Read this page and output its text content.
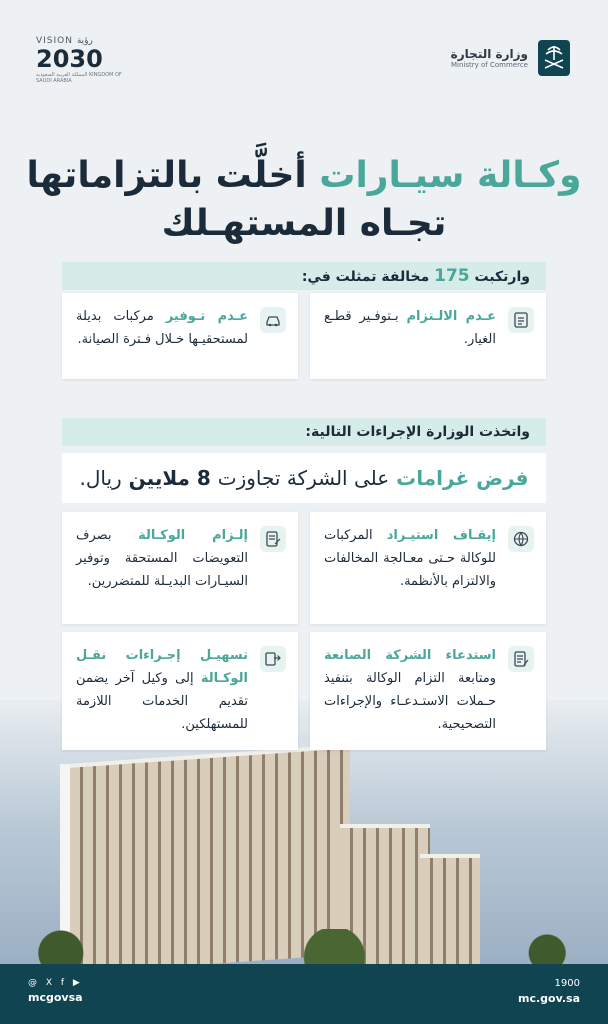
VISION رؤية
2030
المملكة العربية السعودية KINGDOM OF SAUDI ARABIA
وزارة التجارة
Ministry of Commerce
وكـالة سيـارات أخلَّت بالتزاماتها
تجـاه المستهـلك
وارتكبت 175 مخالفة تمثلت في:
عـدم الالـتزام بـتوفـير قطـع الغيار.
عـدم تـوفير مركبات بديلة لمستحقيـها خـلال فـترة الصيانة.
واتخذت الوزارة الإجراءات التالية:
فرض غرامات على الشركة تجاوزت 8 ملايين ريال.
إيقـاف استيـراد المركبات للوكالة حـتى معـالجة المخالفات والالتزام بالأنظمة.
إلـزام الوكـالة بصرف التعويضات المستحقة وتوفير السيـارات البديـلة للمتضررين.
استدعاء الشركة الصانعة ومتابعة التزام الوكالة بتنفيذ حـملات الاستـدعـاء والإجراءات التصحيحية.
تسهيـل إجـراءات نقـل الوكـالة إلى وكيل آخر يضمن تقديم الخدمات اللازمة للمستهلكين.
@ X f ▶
mcgovsa
1900
mc.gov.sa
